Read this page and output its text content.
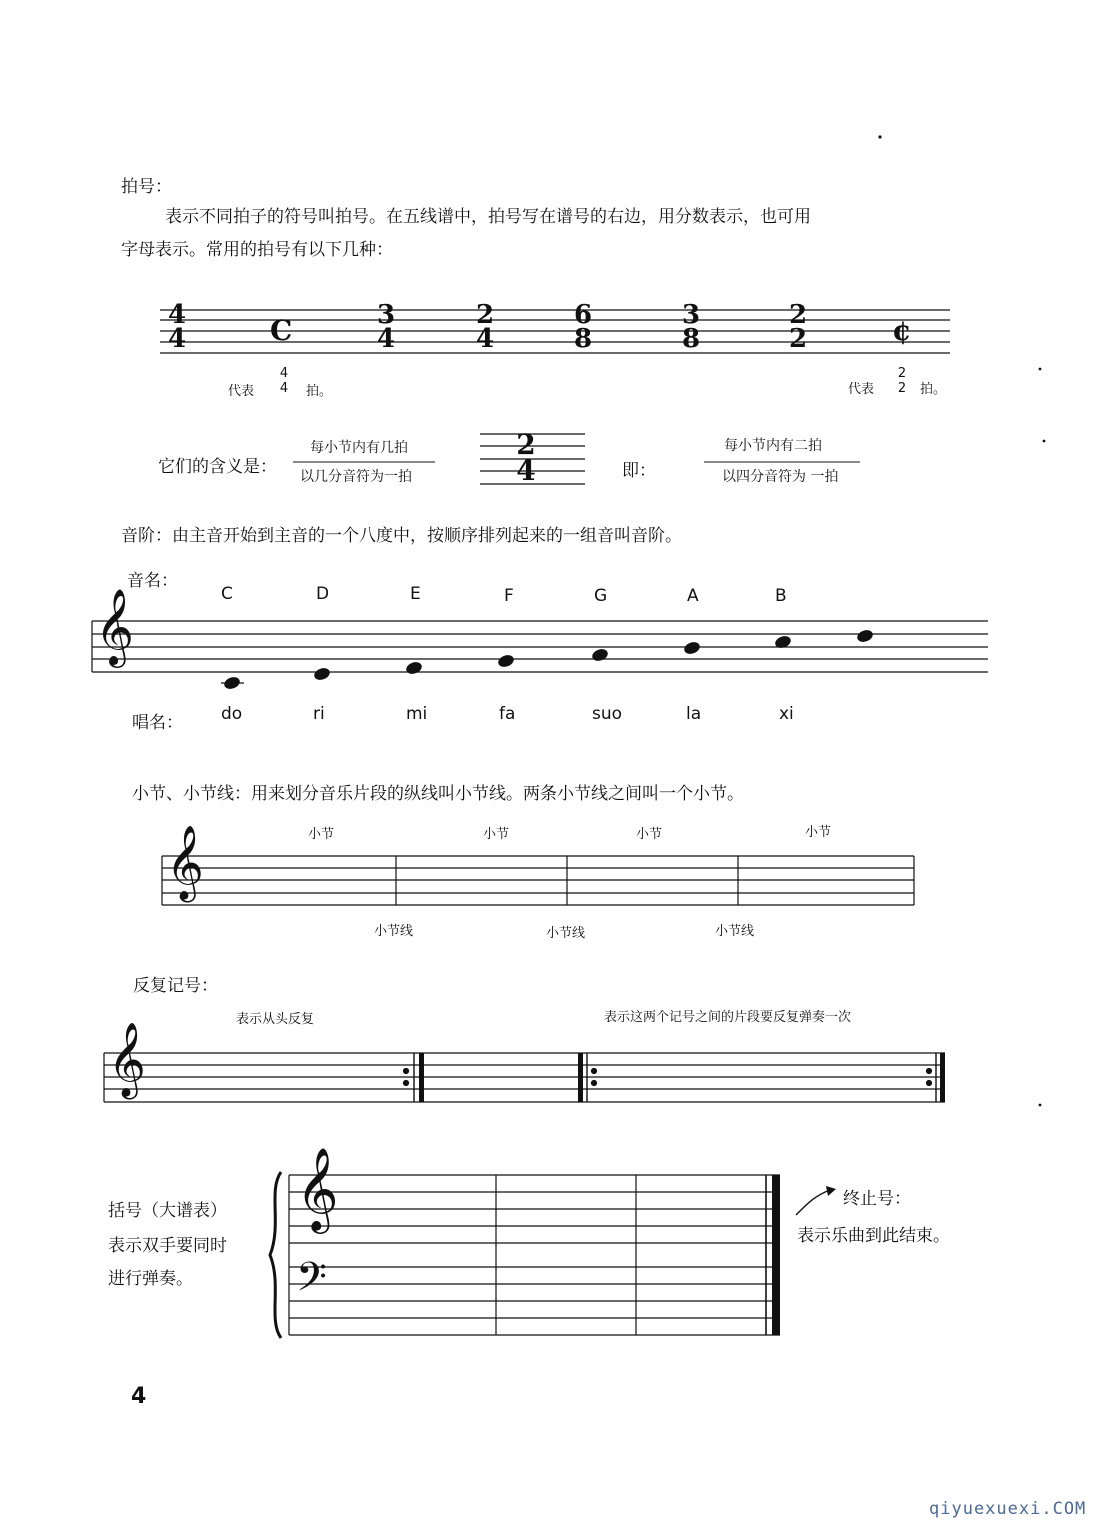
拍号：
表示不同拍子的符号叫拍号。在五线谱中，拍号写在谱号的右边，用分数表示，也可用
字母表示。常用的拍号有以下几种：
4
4	C	3
4
2
4
6
8
3
8
2
2	¢
代表
4
4	拍。	代表
2
2	拍。
它们的含义是：
每小节内有几拍
以几分音符为一拍
2
4	即：
每小节内有二拍
以四分音符为 一拍
音阶：由主音开始到主音的一个八度中，按顺序排列起来的一组音叫音阶。
音名：
C	D	E	F	G	A	B
𝄞
唱名： do	ri	mi	fa	suo	la	xi
小节、小节线：用来划分音乐片段的纵线叫小节线。两条小节线之间叫一个小节。
小节	小节	小节	小节
𝄞
小节线	小节线	小节线
反复记号：
表示从头反复	表示这两个记号之间的片段要反复弹奏一次
𝄞
括号（大谱表）
表示双手要同时
进行弹奏。
𝄞
𝄢
终止号：
表示乐曲到此结束。
4
qiyuexuexi.COM
